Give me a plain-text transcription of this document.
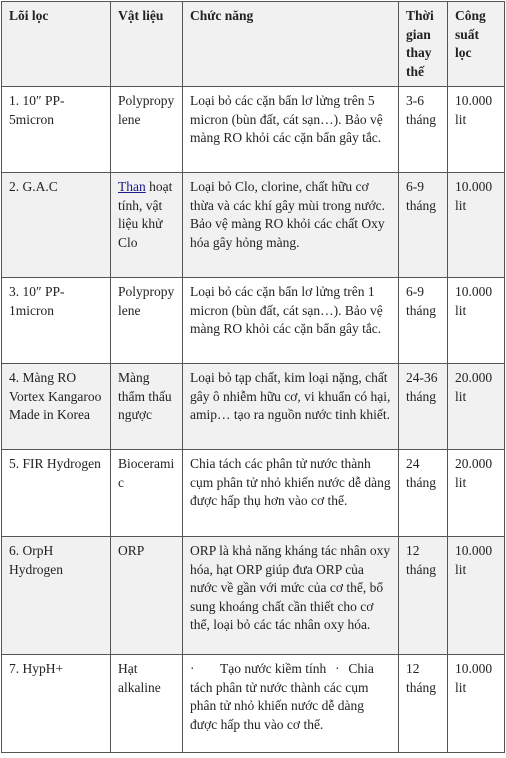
Lõi lọc	Vật liệu	Chức năng	Thời gian thay thế	Công suất lọc
1. 10″ PP-5micron	Polypropylene	Loại bỏ các cặn bẩn lơ lửng trên 5 micron (bùn đất, cát sạn…). Bảo vệ màng RO khỏi các cặn bẩn gây tắc.	3-6 tháng	10.000 lit
2. G.A.C	Than hoạt tính, vật liệu khử Clo	Loại bỏ Clo, clorine, chất hữu cơ thừa và các khí gây mùi trong nước. Bảo vệ màng RO khỏi các chất Oxy hóa gây hỏng màng.	6-9 tháng	10.000 lit
3. 10″ PP-1micron	Polypropylene	Loại bỏ các cặn bẩn lơ lửng trên 1 micron (bùn đất, cát sạn…). Bảo vệ màng RO khỏi các cặn bẩn gây tắc.	6-9 tháng	10.000 lit
4. Màng RO Vortex Kangaroo Made in Korea	Màng thẩm thấu ngược	Loại bỏ tạp chất, kim loại nặng, chất gây ô nhiễm hữu cơ, vi khuẩn có hại, amip… tạo ra nguồn nước tinh khiết.	24-36 tháng	20.000 lit
5. FIR Hydrogen	Bioceramic	Chia tách các phân tử nước thành cụm phân tử nhỏ khiến nước dễ dàng được hấp thụ hơn vào cơ thể.	24 tháng	20.000 lit
6. OrpH Hydrogen	ORP	ORP là khả năng kháng tác nhân oxy hóa, hạt ORP giúp đưa ORP của nước về gần với mức của cơ thể, bổ sung khoáng chất cần thiết cho cơ thể, loại bỏ các tác nhân oxy hóa.	12 tháng	10.000 lit
7. HypH+	Hạt alkaline	· Tạo nước kiềm tính · Chia tách phân tử nước thành các cụm phân tử nhỏ khiến nước dễ dàng được hấp thu vào cơ thể.	12 tháng	10.000 lit
